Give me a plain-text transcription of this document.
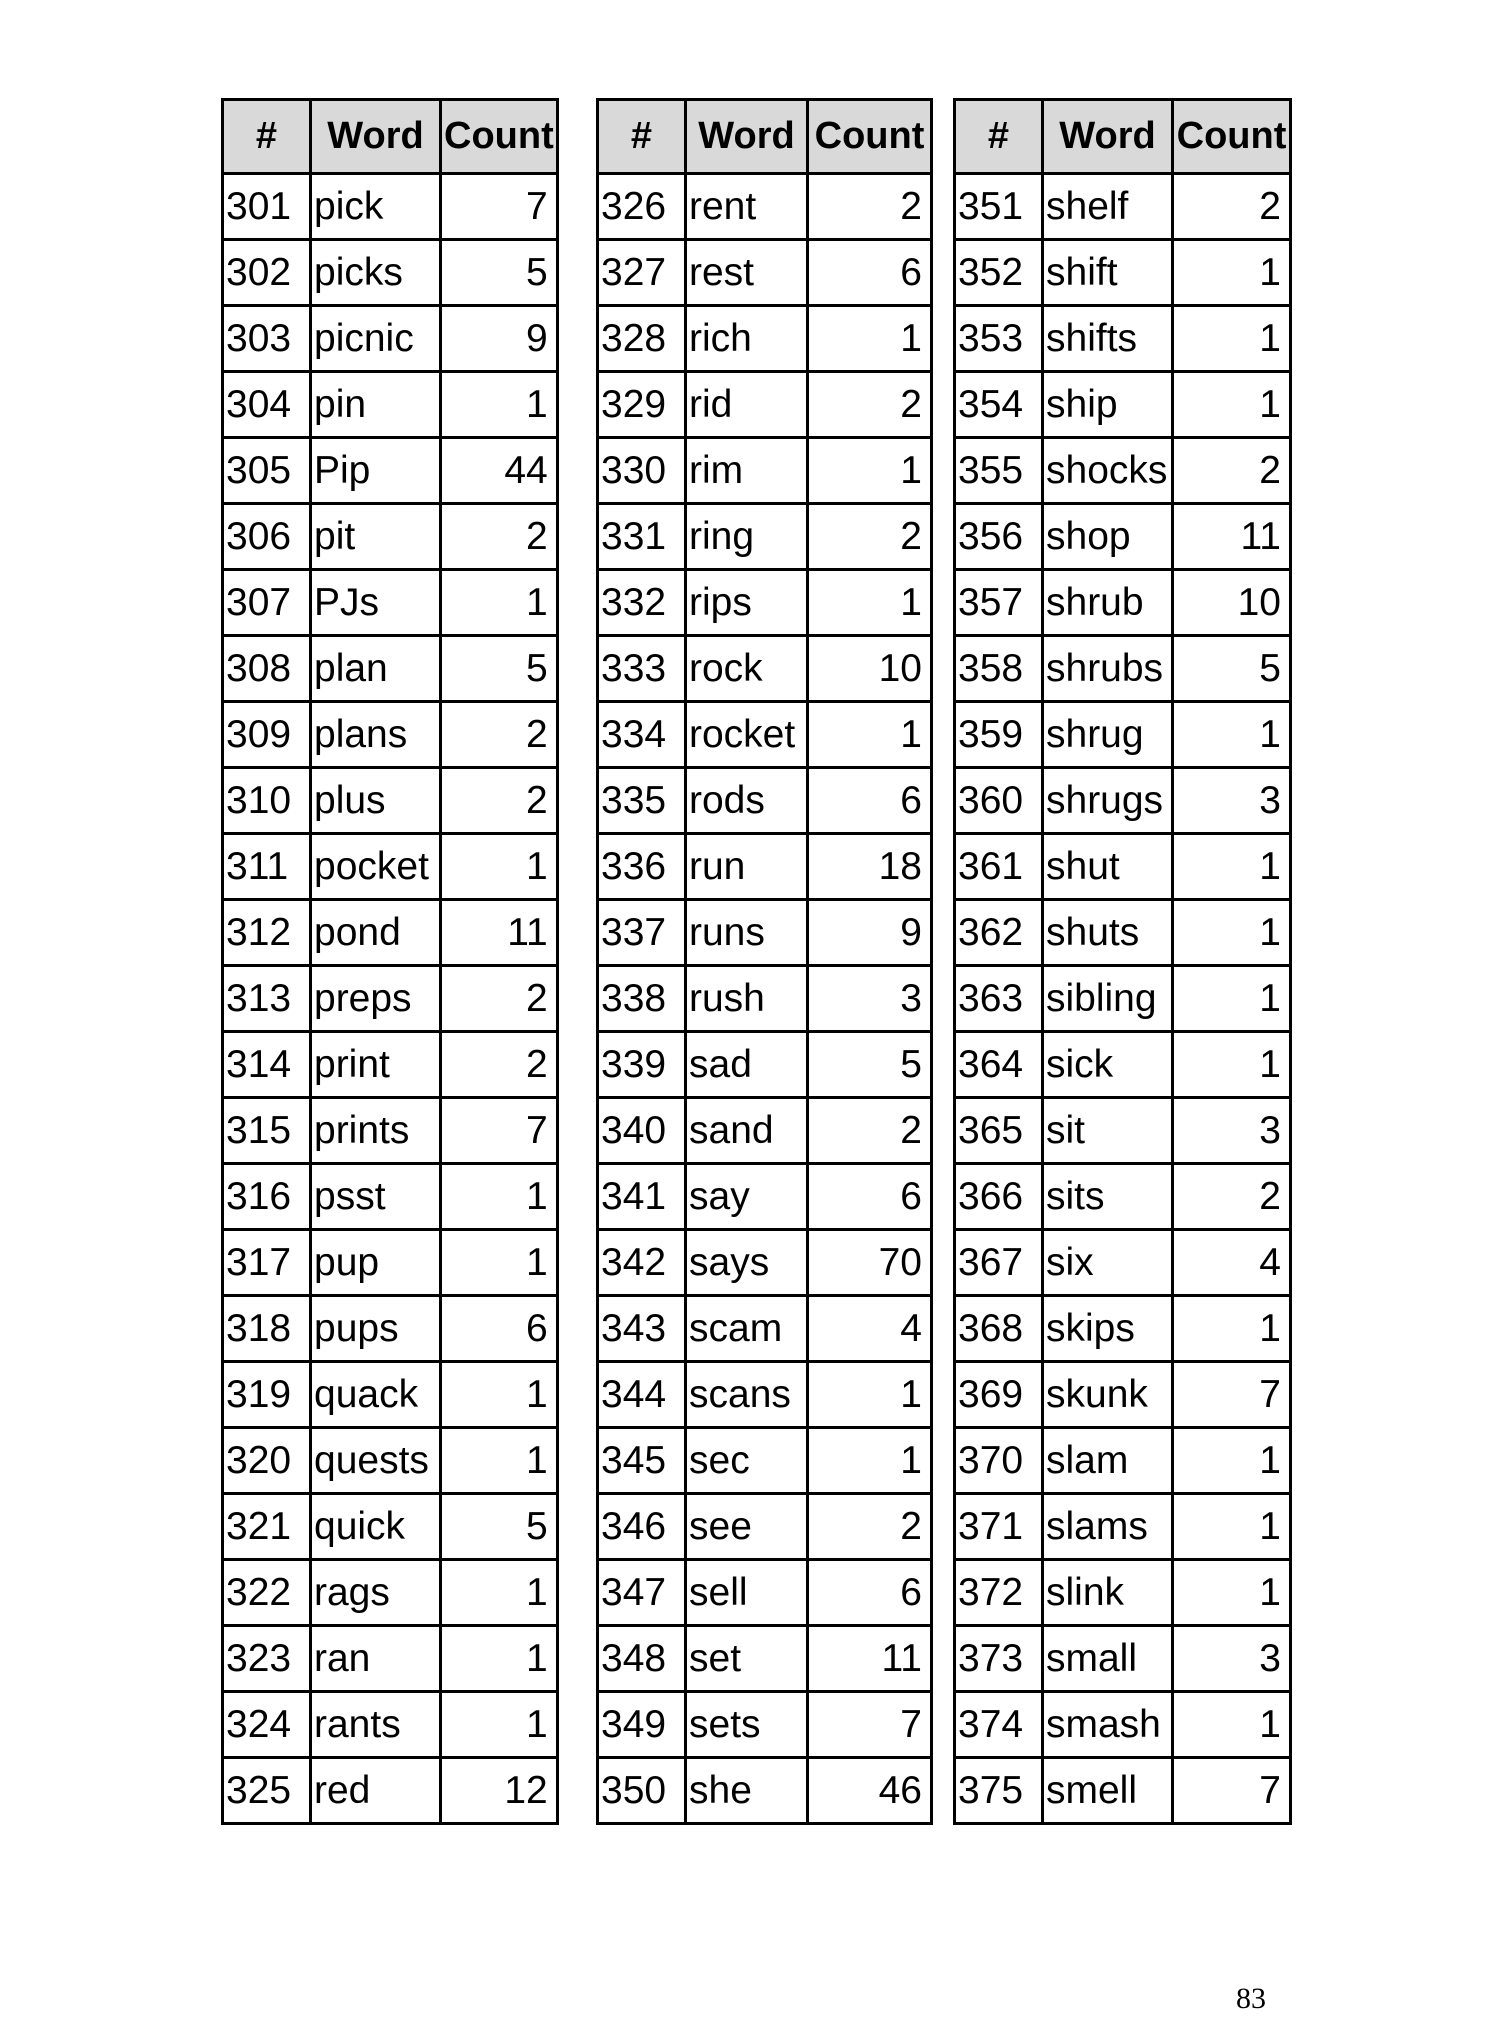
#	Word	Count
301	pick	7
302	picks	5
303	picnic	9
304	pin	1
305	Pip	44
306	pit	2
307	PJs	1
308	plan	5
309	plans	2
310	plus	2
311	pocket	1
312	pond	11
313	preps	2
314	print	2
315	prints	7
316	psst	1
317	pup	1
318	pups	6
319	quack	1
320	quests	1
321	quick	5
322	rags	1
323	ran	1
324	rants	1
325	red	12
#	Word	Count
326	rent	2
327	rest	6
328	rich	1
329	rid	2
330	rim	1
331	ring	2
332	rips	1
333	rock	10
334	rocket	1
335	rods	6
336	run	18
337	runs	9
338	rush	3
339	sad	5
340	sand	2
341	say	6
342	says	70
343	scam	4
344	scans	1
345	sec	1
346	see	2
347	sell	6
348	set	11
349	sets	7
350	she	46
#	Word	Count
351	shelf	2
352	shift	1
353	shifts	1
354	ship	1
355	shocks	2
356	shop	11
357	shrub	10
358	shrubs	5
359	shrug	1
360	shrugs	3
361	shut	1
362	shuts	1
363	sibling	1
364	sick	1
365	sit	3
366	sits	2
367	six	4
368	skips	1
369	skunk	7
370	slam	1
371	slams	1
372	slink	1
373	small	3
374	smash	1
375	smell	7
83
